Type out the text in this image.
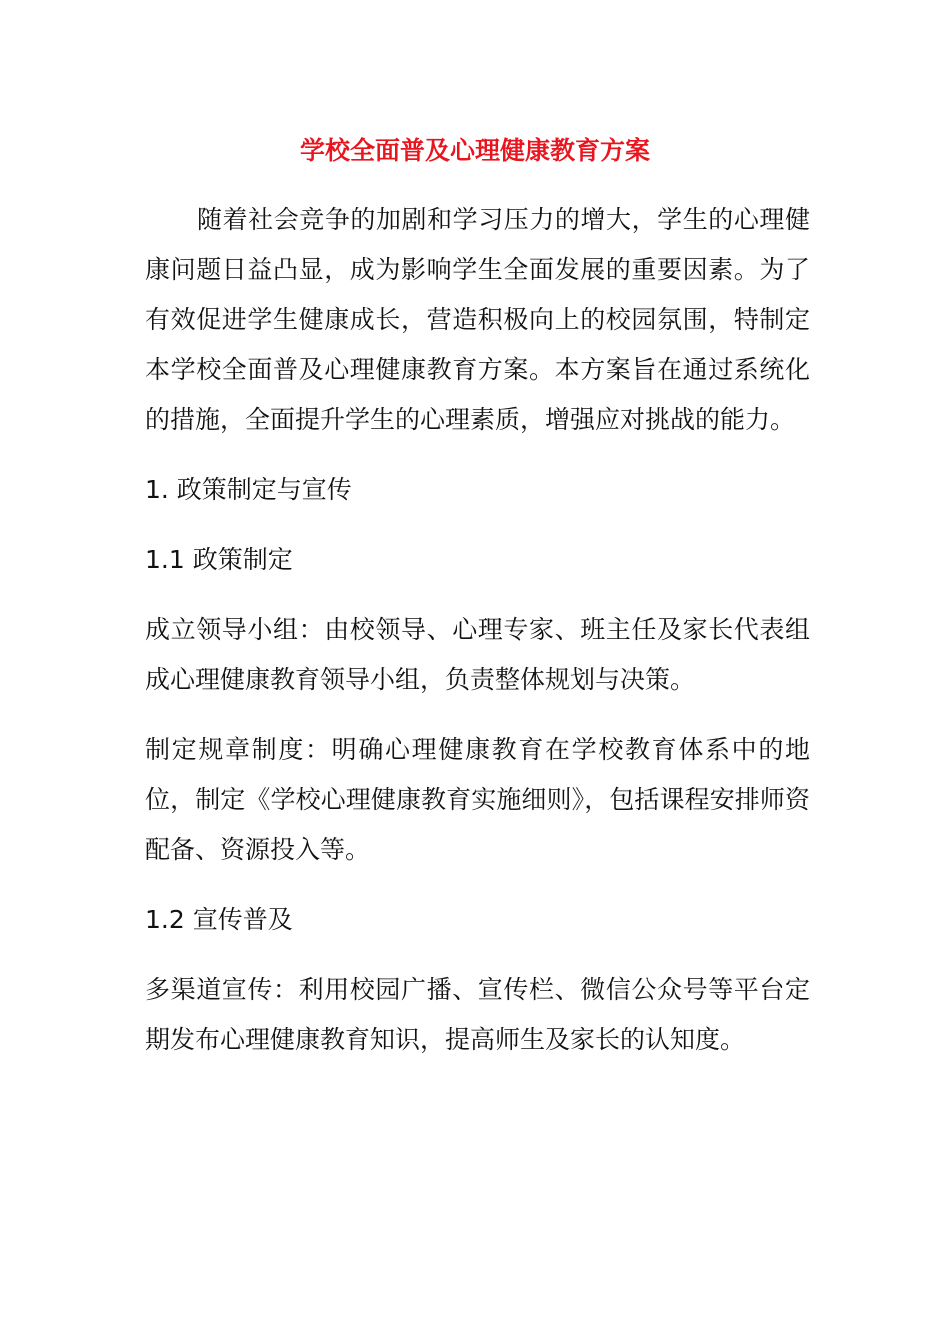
学校全面普及心理健康教育方案

随着社会竞争的加剧和学习压力的增大，学生的心理健康问题日益凸显，成为影响学生全面发展的重要因素。为了有效促进学生健康成长，营造积极向上的校园氛围，特制定本学校全面普及心理健康教育方案。本方案旨在通过系统化的措施，全面提升学生的心理素质，增强应对挑战的能力。

1. 政策制定与宣传

1.1 政策制定

成立领导小组：由校领导、心理专家、班主任及家长代表组成心理健康教育领导小组，负责整体规划与决策。

制定规章制度：明确心理健康教育在学校教育体系中的地位，制定《学校心理健康教育实施细则》，包括课程安排师资配备、资源投入等。

1.2 宣传普及

多渠道宣传：利用校园广播、宣传栏、微信公众号等平台定期发布心理健康教育知识，提高师生及家长的认知度。
